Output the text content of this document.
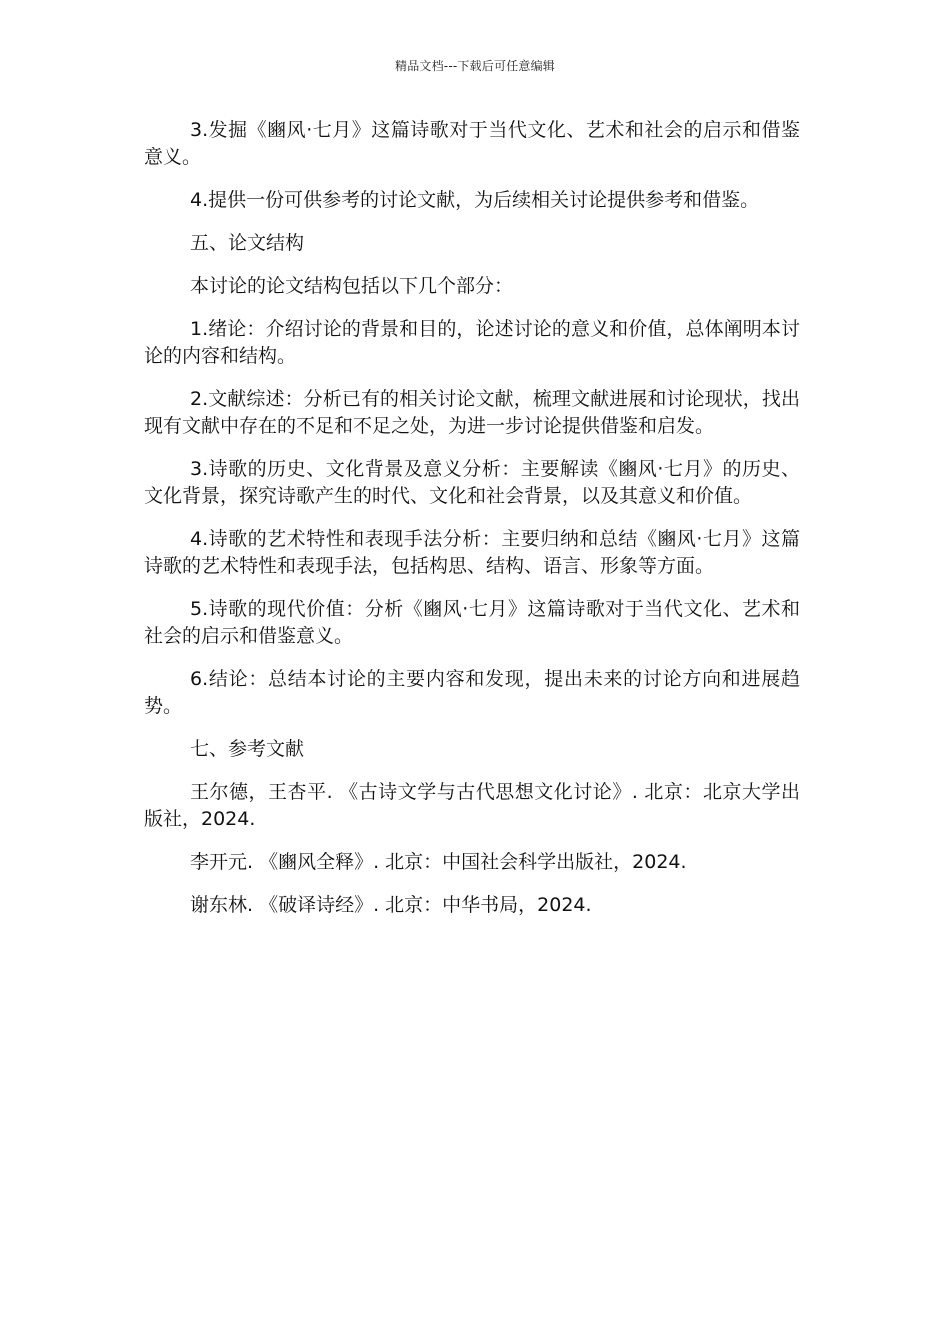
精品文档---下载后可任意编辑

3.发掘《豳风·七月》这篇诗歌对于当代文化、艺术和社会的启示和借鉴意义。

4.提供一份可供参考的讨论文献，为后续相关讨论提供参考和借鉴。

五、论文结构

本讨论的论文结构包括以下几个部分：

1.绪论：介绍讨论的背景和目的，论述讨论的意义和价值，总体阐明本讨论的内容和结构。

2.文献综述：分析已有的相关讨论文献，梳理文献进展和讨论现状，找出现有文献中存在的不足和不足之处，为进一步讨论提供借鉴和启发。

3.诗歌的历史、文化背景及意义分析：主要解读《豳风·七月》的历史、文化背景，探究诗歌产生的时代、文化和社会背景，以及其意义和价值。

4.诗歌的艺术特性和表现手法分析：主要归纳和总结《豳风·七月》这篇诗歌的艺术特性和表现手法，包括构思、结构、语言、形象等方面。

5.诗歌的现代价值：分析《豳风·七月》这篇诗歌对于当代文化、艺术和社会的启示和借鉴意义。

6.结论：总结本讨论的主要内容和发现，提出未来的讨论方向和进展趋势。

七、参考文献

王尔德，王杏平. 《古诗文学与古代思想文化讨论》. 北京：北京大学出版社，2024.

李开元. 《豳风全释》. 北京：中国社会科学出版社，2024.

谢东林. 《破译诗经》. 北京：中华书局，2024.
